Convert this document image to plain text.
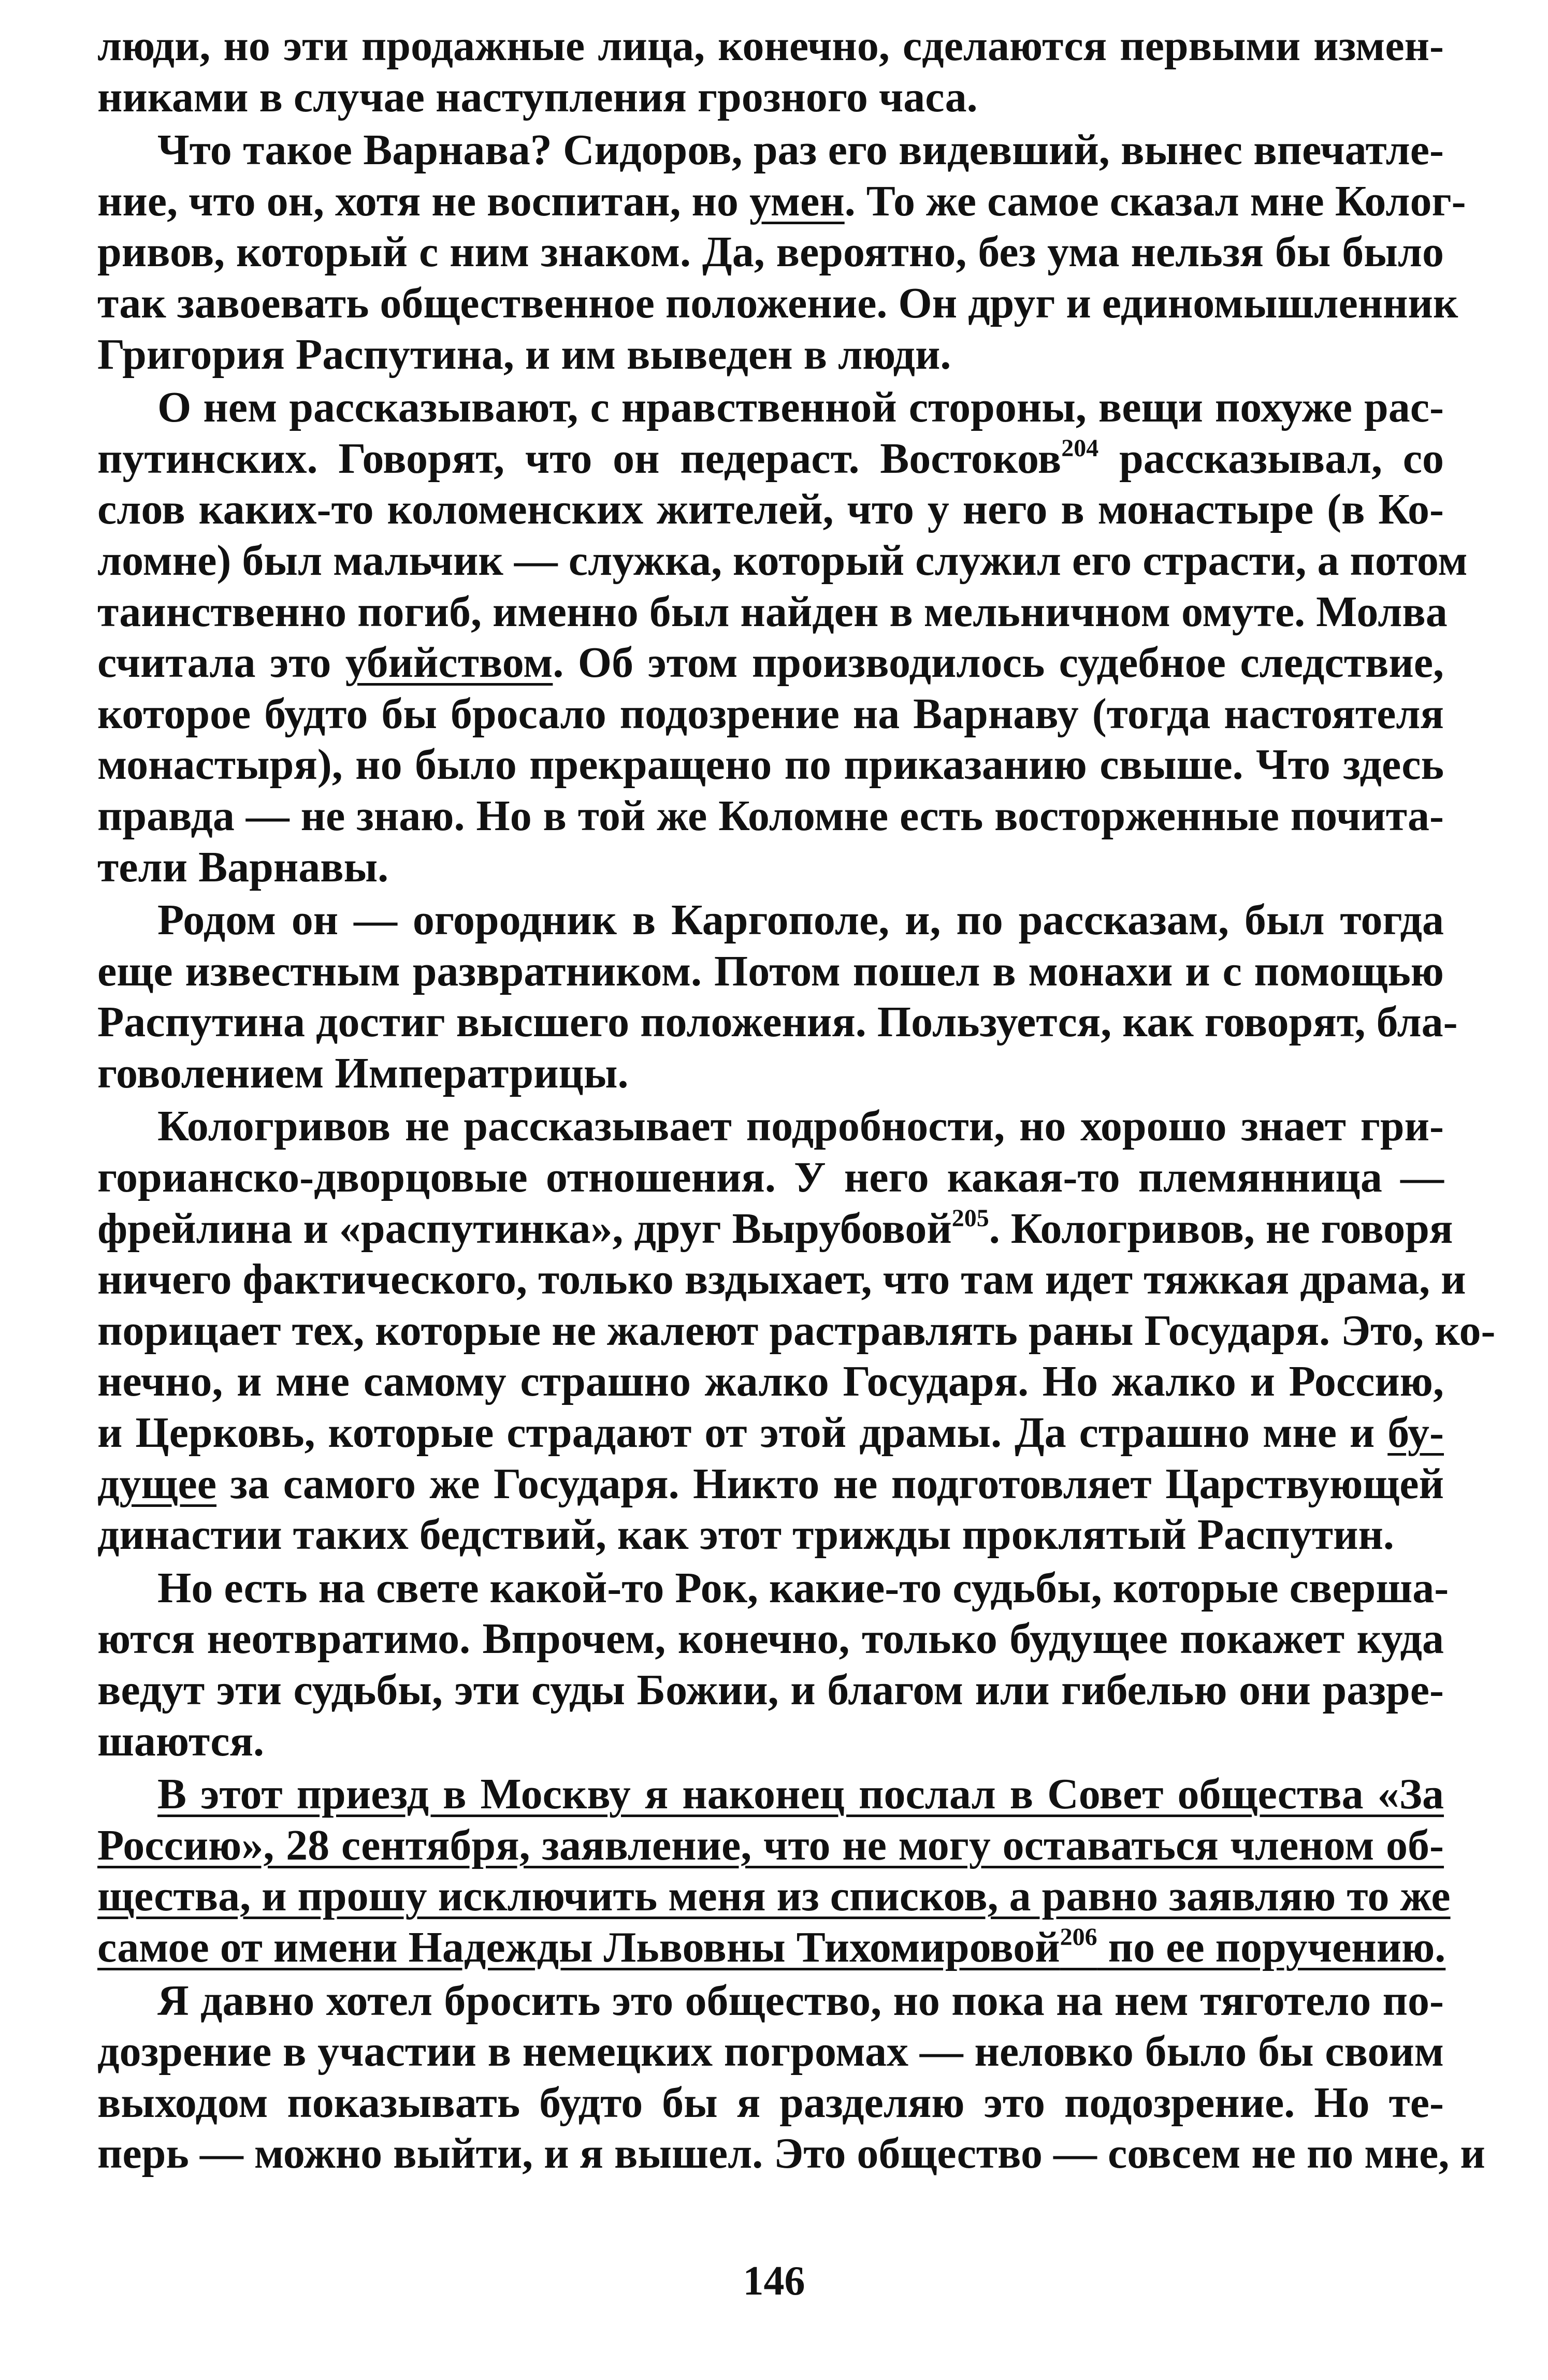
люди, но эти продажные лица, конечно, сделаются первыми измен-
никами в случае наступления грозного часа.
Что такое Варнава? Сидоров, раз его видевший, вынес впечатле-
ние, что он, хотя не воспитан, но умен. То же самое сказал мне Колог-
ривов, который с ним знаком. Да, вероятно, без ума нельзя бы было
так завоевать общественное положение. Он друг и единомышленник
Григория Распутина, и им выведен в люди.
О нем рассказывают, с нравственной стороны, вещи похуже рас-
путинских. Говорят, что он педераст. Востоков$^{204}$ рассказывал, со
слов каких-то коломенских жителей, что у него в монастыре (в Ко-
ломне) был мальчик — служка, который служил его страсти, а потом
таинственно погиб, именно был найден в мельничном омуте. Молва
считала это убийством. Об этом производилось судебное следствие,
которое будто бы бросало подозрение на Варнаву (тогда настоятеля
монастыря), но было прекращено по приказанию свыше. Что здесь
правда — не знаю. Но в той же Коломне есть восторженные почита-
тели Варнавы.
Родом он — огородник в Каргополе, и, по рассказам, был тогда
еще известным развратником. Потом пошел в монахи и с помощью
Распутина достиг высшего положения. Пользуется, как говорят, бла-
говолением Императрицы.
Кологривов не рассказывает подробности, но хорошо знает гри-
горианско-дворцовые отношения. У него какая-то племянница —
фрейлина и «распутинка», друг Вырубовой$^{205}$. Кологривов, не говоря
ничего фактического, только вздыхает, что там идет тяжкая драма, и
порицает тех, которые не жалеют растравлять раны Государя. Это, ко-
нечно, и мне самому страшно жалко Государя. Но жалко и Россию,
и Церковь, которые страдают от этой драмы. Да страшно мне и бу-
дущее за самого же Государя. Никто не подготовляет Царствующей
династии таких бедствий, как этот трижды проклятый Распутин.
Но есть на свете какой-то Рок, какие-то судьбы, которые сверша-
ются неотвратимо. Впрочем, конечно, только будущее покажет куда
ведут эти судьбы, эти суды Божии, и благом или гибелью они разре-
шаются.
В этот приезд в Москву я наконец послал в Совет общества «За
Россию», 28 сентября, заявление, что не могу оставаться членом об-
щества, и прошу исключить меня из списков, а равно заявляю то же
самое от имени Надежды Львовны Тихомировой$^{206}$ по ее поручению.
Я давно хотел бросить это общество, но пока на нем тяготело по-
дозрение в участии в немецких погромах — неловко было бы своим
выходом показывать будто бы я разделяю это подозрение. Но те-
перь — можно выйти, и я вышел. Это общество — совсем не по мне, и
146
